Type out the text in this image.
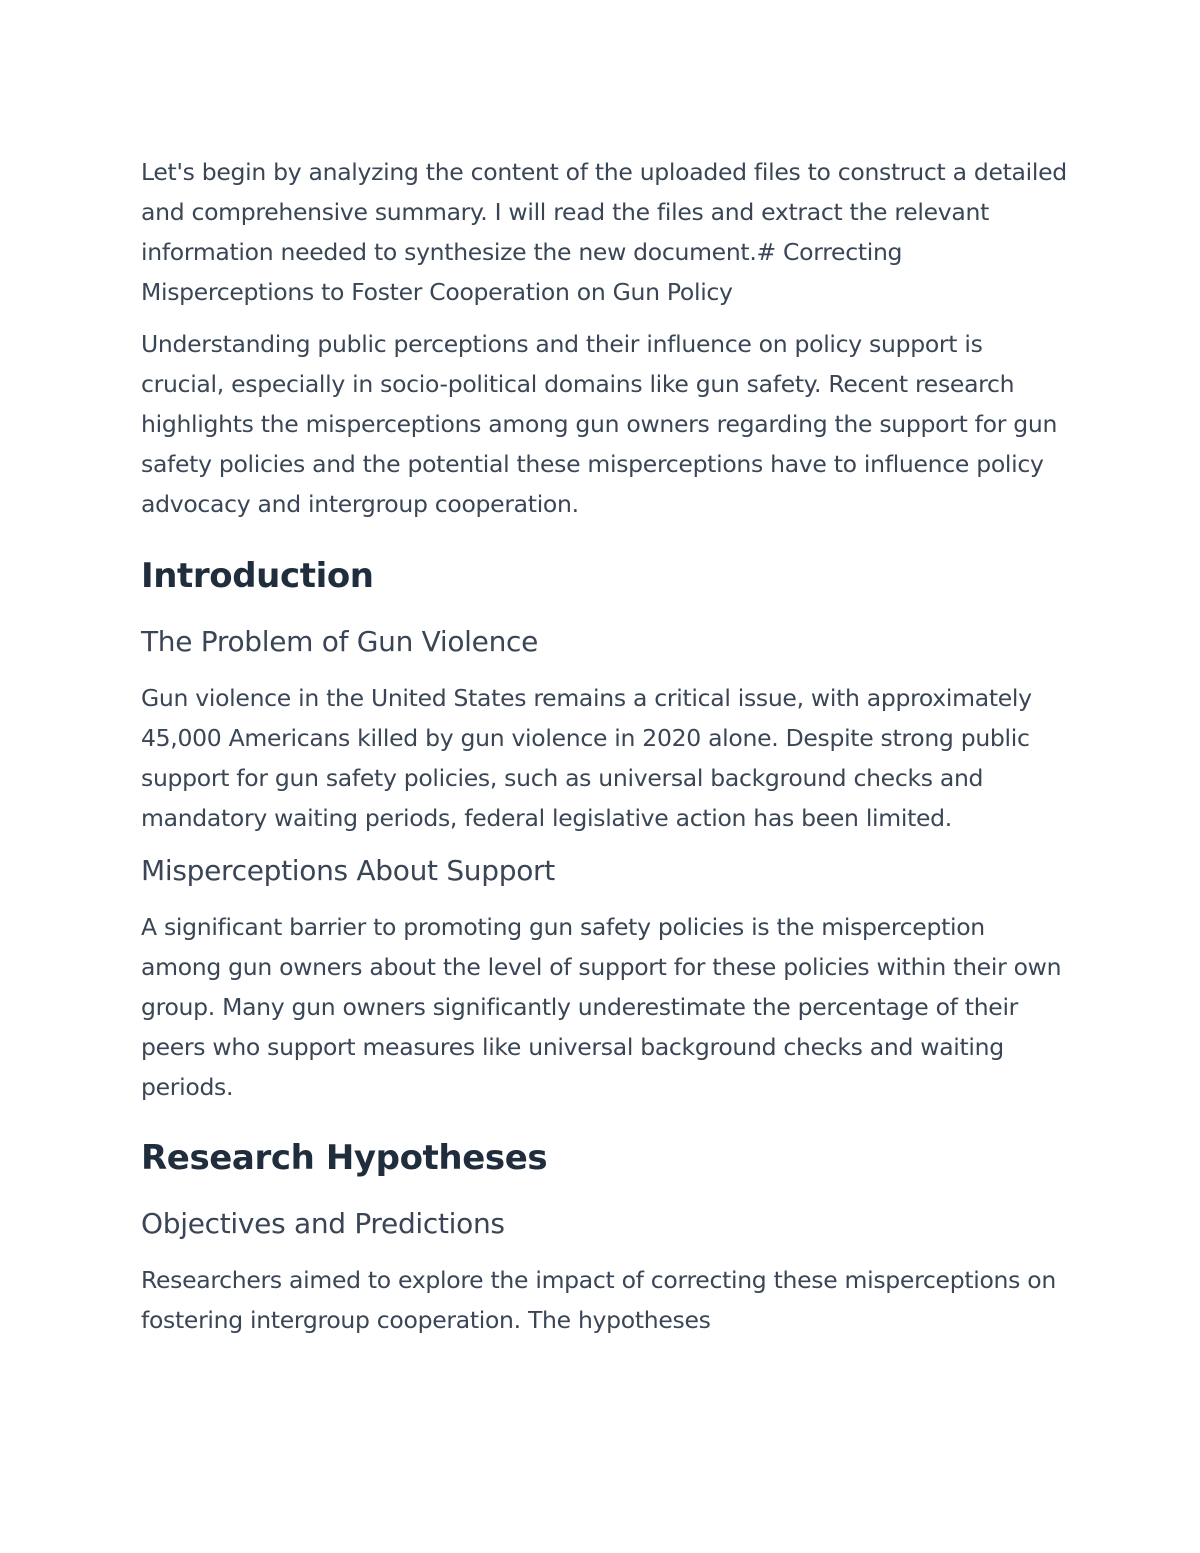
Let's begin by analyzing the content of the uploaded files to construct a detailed and comprehensive summary. I will read the files and extract the relevant information needed to synthesize the new document.# Correcting Misperceptions to Foster Cooperation on Gun Policy

Understanding public perceptions and their influence on policy support is crucial, especially in socio-political domains like gun safety. Recent research highlights the misperceptions among gun owners regarding the support for gun safety policies and the potential these misperceptions have to influence policy advocacy and intergroup cooperation.

Introduction
The Problem of Gun Violence

Gun violence in the United States remains a critical issue, with approximately 45,000 Americans killed by gun violence in 2020 alone. Despite strong public support for gun safety policies, such as universal background checks and mandatory waiting periods, federal legislative action has been limited.

Misperceptions About Support

A significant barrier to promoting gun safety policies is the misperception among gun owners about the level of support for these policies within their own group. Many gun owners significantly underestimate the percentage of their peers who support measures like universal background checks and waiting periods.

Research Hypotheses
Objectives and Predictions

Researchers aimed to explore the impact of correcting these misperceptions on fostering intergroup cooperation. The hypotheses
